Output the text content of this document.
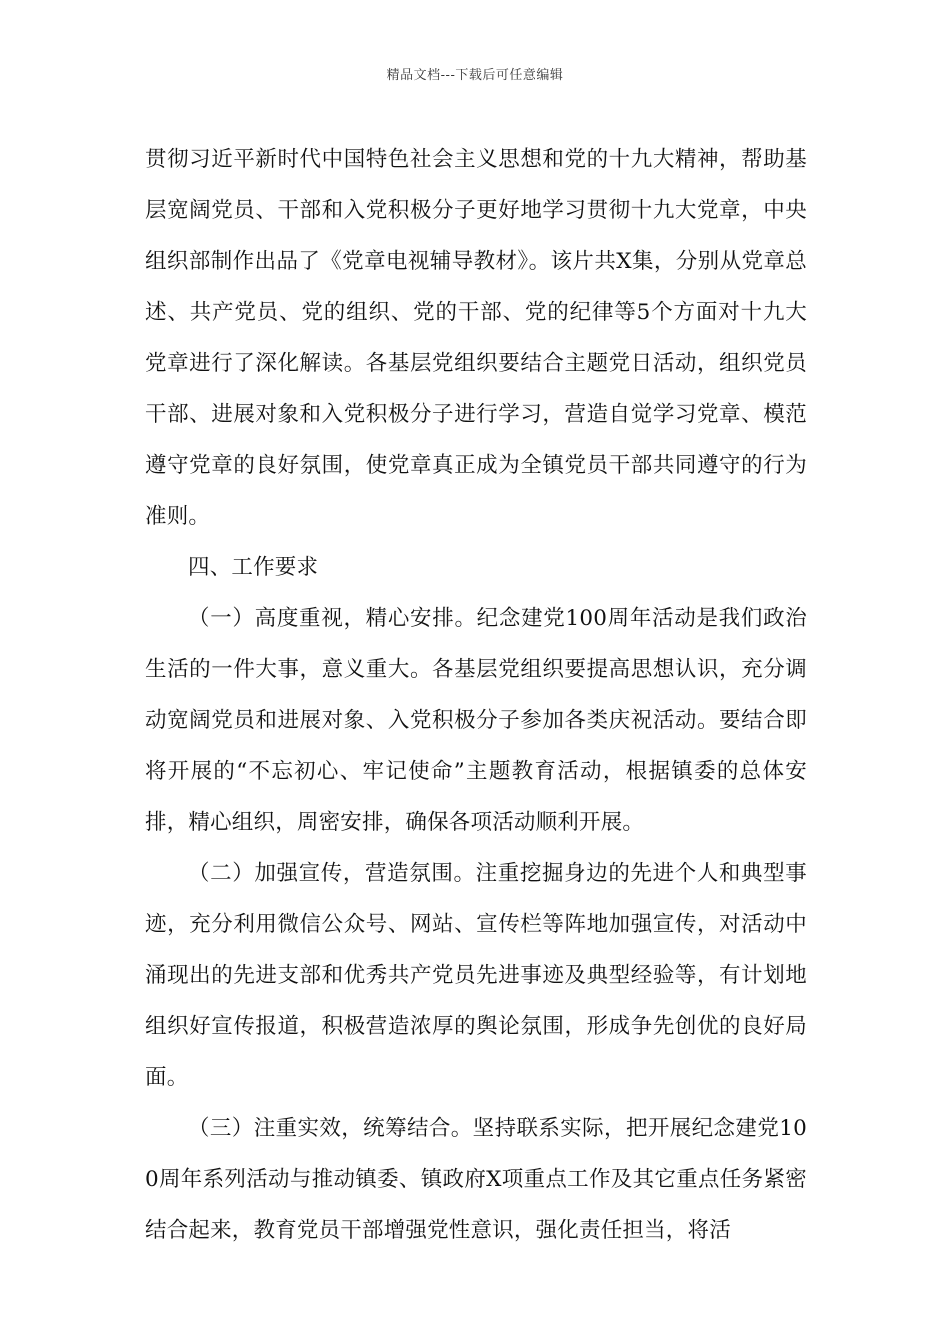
精品文档---下载后可任意编辑

贯彻习近平新时代中国特色社会主义思想和党的十九大精神，帮助基层宽阔党员、干部和入党积极分子更好地学习贯彻十九大党章，中央组织部制作出品了《党章电视辅导教材》。该片共X集，分别从党章总述、共产党员、党的组织、党的干部、党的纪律等5个方面对十九大党章进行了深化解读。各基层党组织要结合主题党日活动，组织党员干部、进展对象和入党积极分子进行学习，营造自觉学习党章、模范遵守党章的良好氛围，使党章真正成为全镇党员干部共同遵守的行为准则。

四、工作要求

（一）高度重视，精心安排。纪念建党100周年活动是我们政治生活的一件大事，意义重大。各基层党组织要提高思想认识，充分调动宽阔党员和进展对象、入党积极分子参加各类庆祝活动。要结合即将开展的“不忘初心、牢记使命”主题教育活动，根据镇委的总体安排，精心组织，周密安排，确保各项活动顺利开展。

（二）加强宣传，营造氛围。注重挖掘身边的先进个人和典型事迹，充分利用微信公众号、网站、宣传栏等阵地加强宣传，对活动中涌现出的先进支部和优秀共产党员先进事迹及典型经验等，有计划地组织好宣传报道，积极营造浓厚的舆论氛围，形成争先创优的良好局面。

（三）注重实效，统筹结合。坚持联系实际，把开展纪念建党100周年系列活动与推动镇委、镇政府X项重点工作及其它重点任务紧密结合起来，教育党员干部增强党性意识，强化责任担当，将活
